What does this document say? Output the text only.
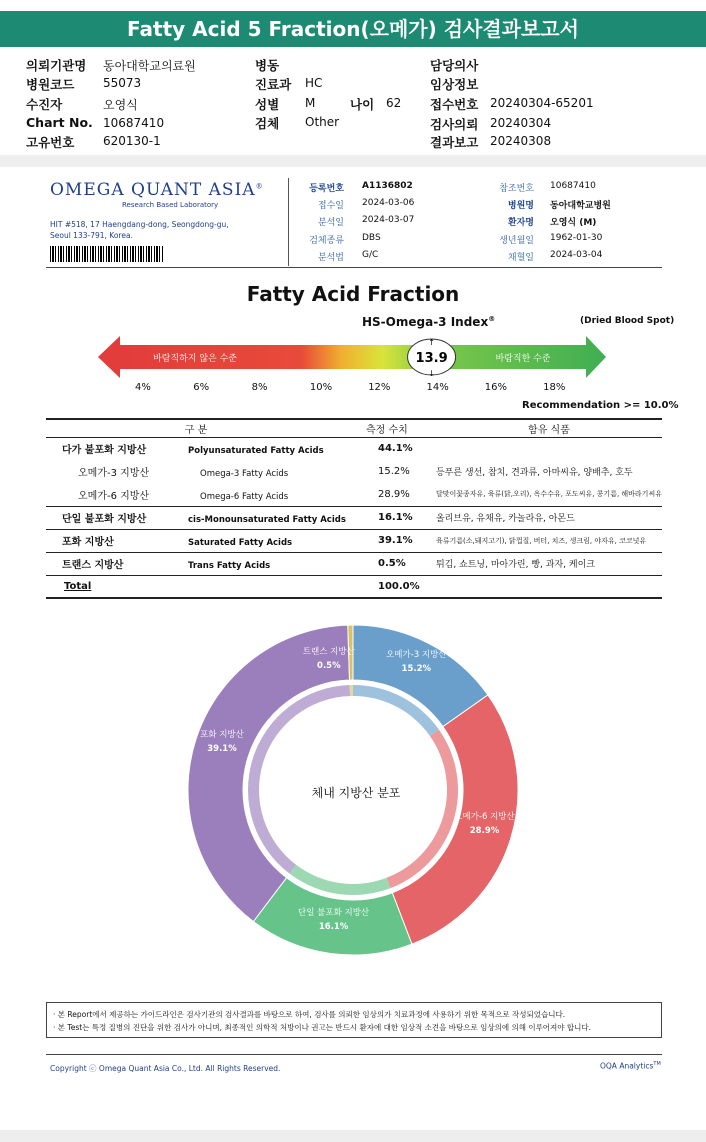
Fatty Acid 5 Fraction(오메가) 검사결과보고서
의뢰기관명 동아대학교의료원
병원코드 55073
수진자	오영식
Chart No. 10687410
고유번호 620130-1
병동
진료과 HC
성별 M	나이 62
검체 Other
담당의사
임상정보
접수번호 20240304-65201
검사의뢰 20240304
결과보고 20240308
OMEGA QUANT ASIA®
Research Based Laboratory
HIT #518, 17 Haengdang-dong, Seongdong-gu,
Seoul 133-791, Korea.
등록번호 A1136802
접수일 2024-03-06
분석일 2024-03-07
검체종류 DBS
분석법 G/C
참조번호 10687410
병원명 동아대학교병원
환자명 오영식 (M)
생년월일 1962-01-30
채혈일 2024-03-04
Fatty Acid Fraction
HS-Omega-3 Index®	(Dried Blood Spot)
바람직하지 않은 수준	바람직한 수준
13.9
↑
↓
4%	6%	8%	10%	12%	14%	16%	18%
Recommendation >= 10.0%
구 분	측정 수치	함유 식품
다가 불포화 지방산 Polyunsaturated Fatty Acids	44.1%	
오메가-3 지방산 Omega-3 Fatty Acids	15.2%	등푸른 생선, 참치, 견과류, 아마씨유, 양배추, 호두
오메가-6 지방산 Omega-6 Fatty Acids	28.9%	달맞이꽃종자유, 육류(닭,오리), 옥수수유, 포도씨유, 콩기름, 해바라기씨유
단일 불포화 지방산 cis-Monounsaturated Fatty Acids	16.1%	올리브유, 유채유, 카놀라유, 아몬드
포화 지방산 Saturated Fatty Acids	39.1%	육류기름(소,돼지고기), 닭껍질, 버터, 치즈, 생크림, 야자유, 코코넛유
트랜스 지방산 Trans Fatty Acids	0.5%	튀김, 쇼트닝, 마아가린, 빵, 과자, 케이크
Total	100.0%	
오메가-3 지방산
15.2%
오메가-6 지방산
28.9%
단일 불포화 지방산
16.1%
포화 지방산
39.1%
트랜스 지방산
0.5%
체내 지방산 분포
· 본 Report에서 제공하는 가이드라인은 검사기관의 검사결과를 바탕으로 하여, 검사를 의뢰한 임상의가 치료과정에 사용하기 위한 목적으로 작성되었습니다.
· 본 Test는 특정 질병의 진단을 위한 검사가 아니며, 최종적인 의학적 처방이나 권고는 반드시 환자에 대한 임상적 소견을 바탕으로 임상의에 의해 이루어져야 합니다.
Copyright ⓒ Omega Quant Asia Co., Ltd. All Rights Reserved.	OQA Analytics™
